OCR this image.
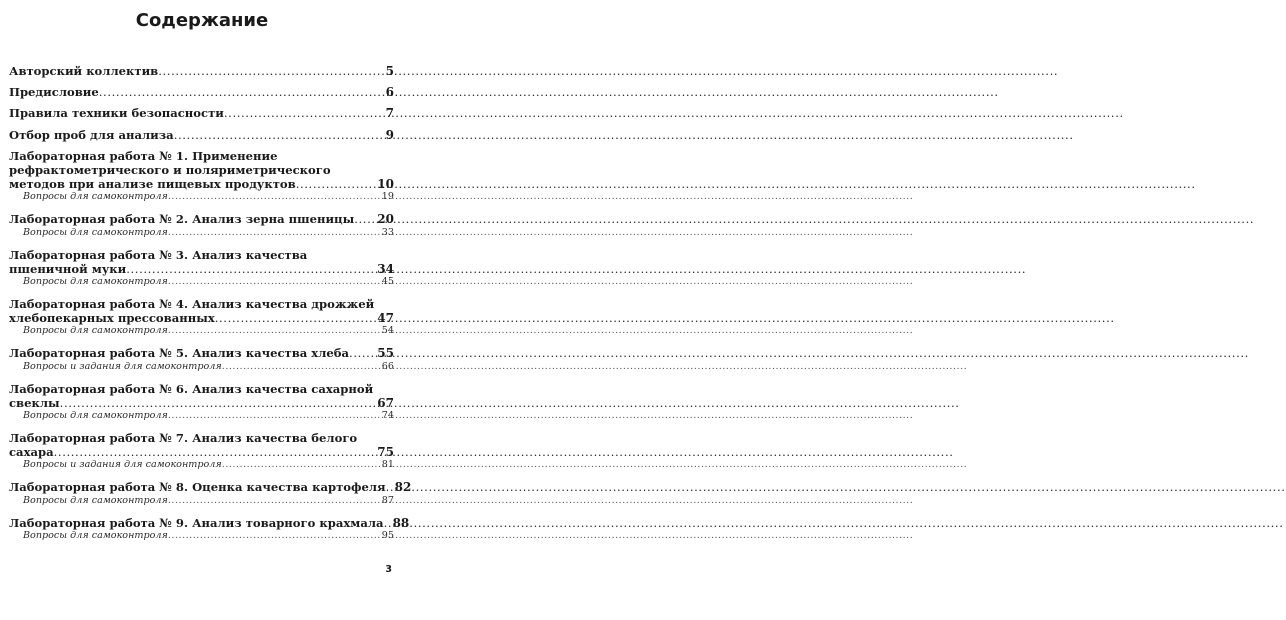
Содержание
Авторский коллектив .....	5
Предисловие .....	6
Правила техники безопасности .....	7
Отбор проб для анализа .....	9
Лабораторная работа № 1. Применение
рефрактометрического и поляриметрического
методов при анализе пищевых продуктов .....	10
Вопросы для самоконтроля .....	19
Лабораторная работа № 2. Анализ зерна пшеницы ..... 20
Вопросы для самоконтроля .....	33
Лабораторная работа № 3. Анализ качества
пшеничной муки .....	34
Вопросы для самоконтроля .....	45
Лабораторная работа № 4. Анализ качества дрожжей
хлебопекарных прессованных .....	47
Вопросы для самоконтроля .....	54
Лабораторная работа № 5. Анализ качества хлеба ..... 55
Вопросы и задания для самоконтроля .....	66
Лабораторная работа № 6. Анализ качества сахарной
свеклы .....	67
Вопросы для самоконтроля .....	74
Лабораторная работа № 7. Анализ качества белого
сахара .....	75
Вопросы и задания для самоконтроля .....	81
Лабораторная работа № 8. Оценка качества картофеля ..... 82
Вопросы для самоконтроля .....	87
Лабораторная работа № 9. Анализ товарного крахмала ..... 88
Вопросы для самоконтроля .....	95
3
